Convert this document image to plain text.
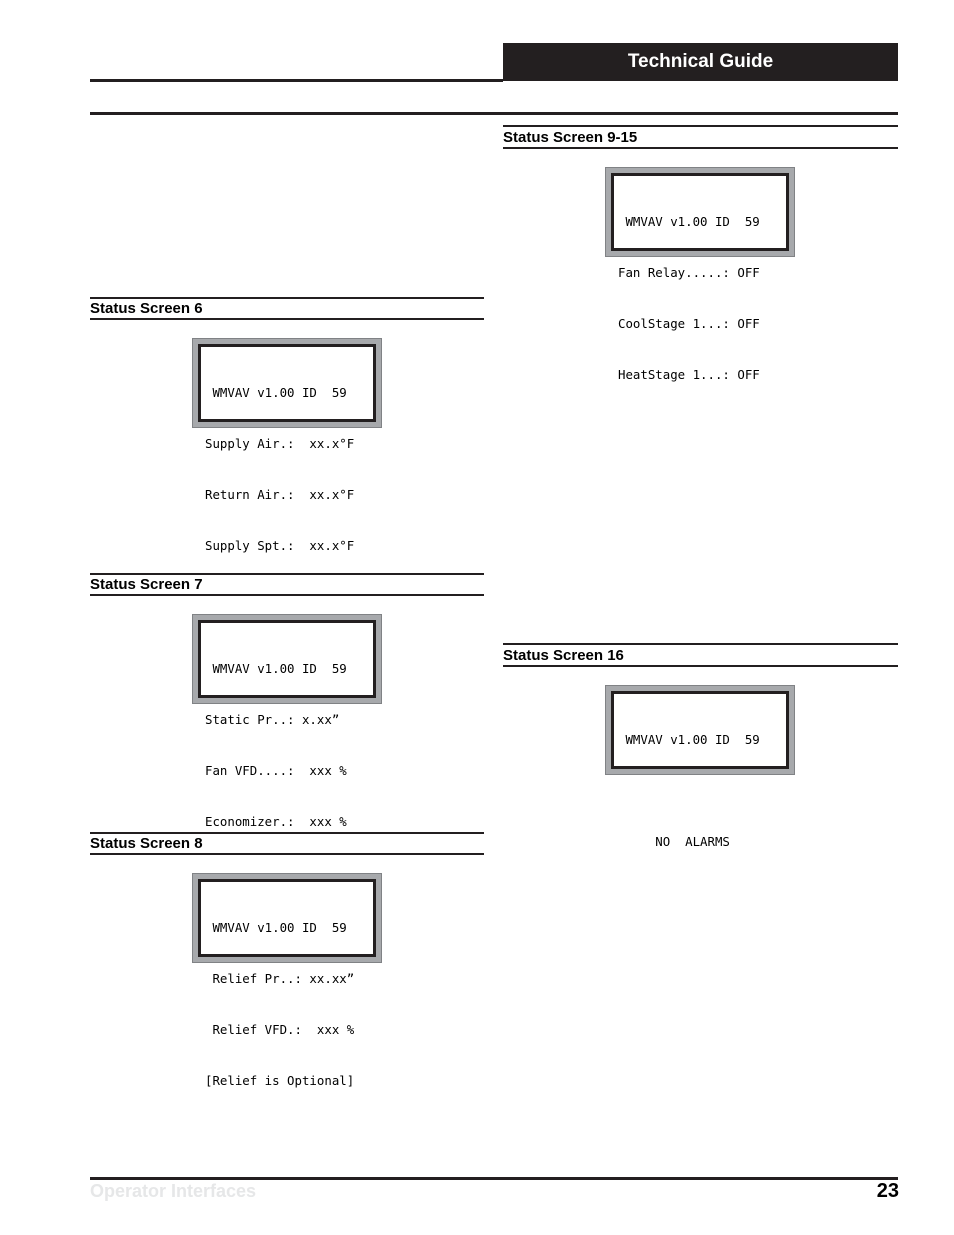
Technical Guide
Status Screen 9-15

WMVAV v1.00 ID  59

Fan Relay.....: OFF

CoolStage 1...: OFF

HeatStage 1...: OFF

Status Screen 6

WMVAV v1.00 ID  59

Supply Air.:  xx.x°F

Return Air.:  xx.x°F

Supply Spt.:  xx.x°F

Status Screen 7

WMVAV v1.00 ID  59

Static Pr..: x.xx”

Fan VFD....:  xxx %

Economizer.:  xxx %

Status Screen 16

WMVAV v1.00 ID  59

NO  ALARMS

Status Screen 8

WMVAV v1.00 ID  59

Relief Pr..: xx.xx”

Relief VFD.:  xxx %

[Relief is Optional]

Operator Interfaces	23
